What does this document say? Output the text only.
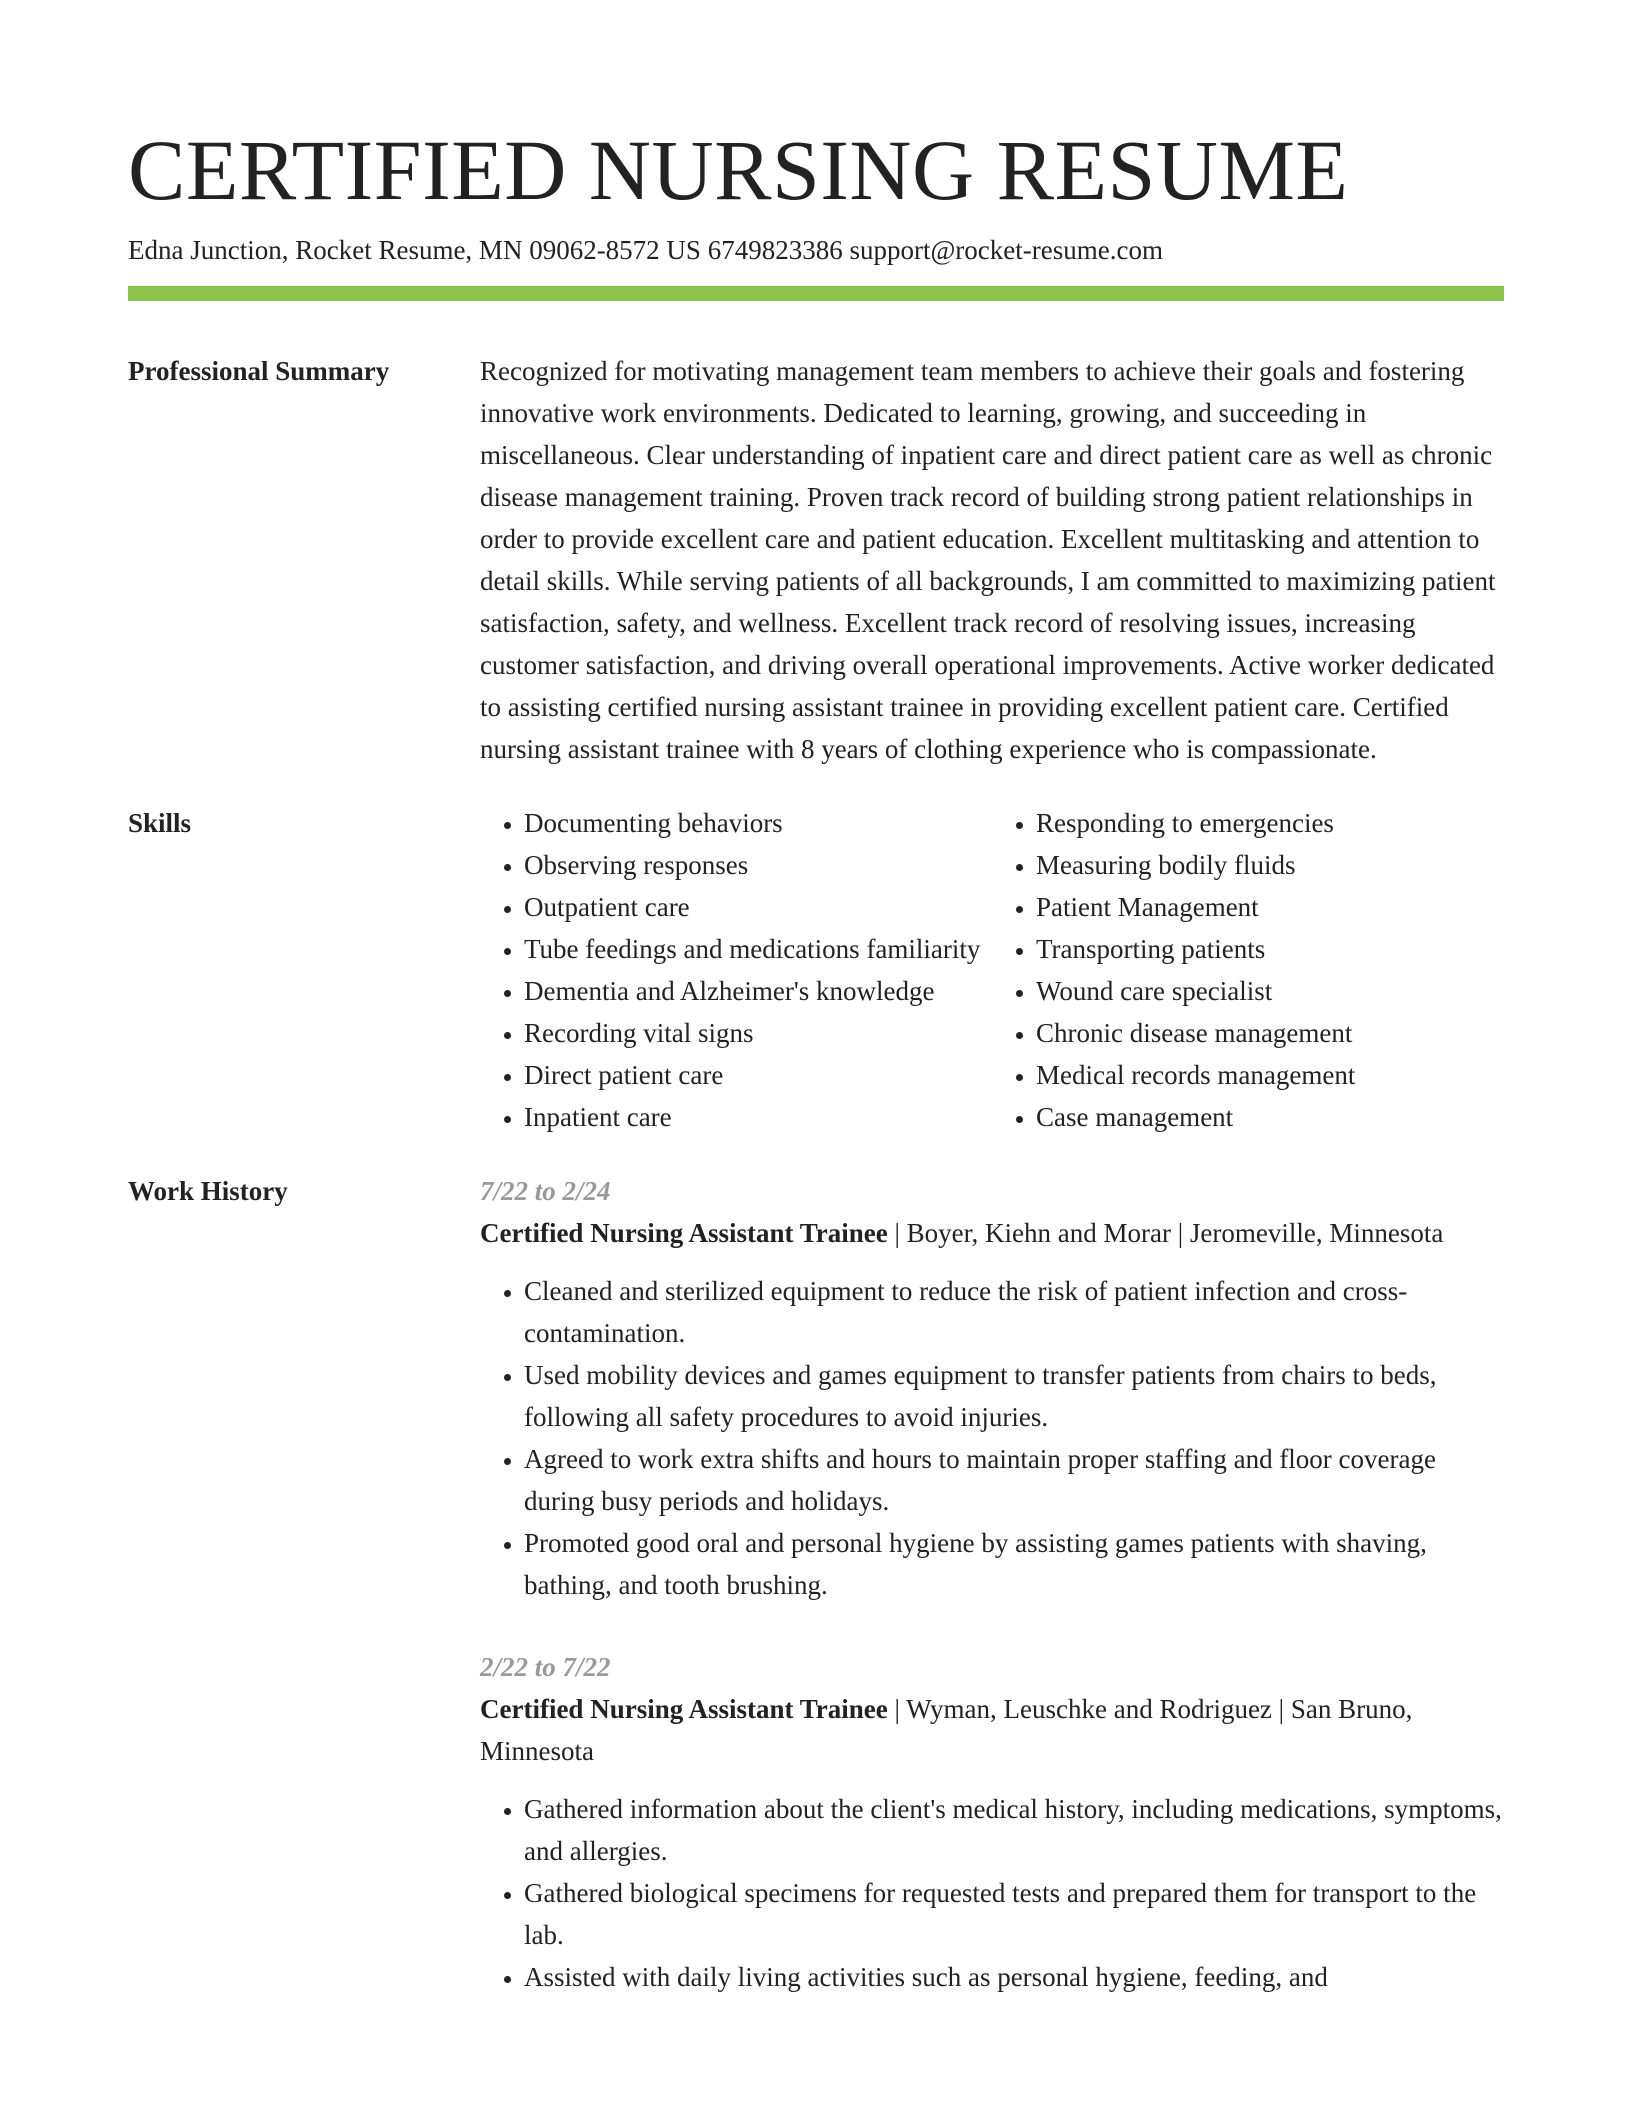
CERTIFIED NURSING RESUME
Edna Junction, Rocket Resume, MN 09062-8572 US 6749823386 support@rocket-resume.com
Professional Summary	Recognized for motivating management team members to achieve their goals and fostering innovative work environments. Dedicated to learning, growing, and succeeding in miscellaneous. Clear understanding of inpatient care and direct patient care as well as chronic disease management training. Proven track record of building strong patient relationships in order to provide excellent care and patient education. Excellent multitasking and attention to detail skills. While serving patients of all backgrounds, I am committed to maximizing patient satisfaction, safety, and wellness. Excellent track record of resolving issues, increasing customer satisfaction, and driving overall operational improvements. Active worker dedicated to assisting certified nursing assistant trainee in providing excellent patient care. Certified nursing assistant trainee with 8 years of clothing experience who is compassionate.

Skills
•	Documenting behaviors
• Observing responses
• Outpatient care
• Tube feedings and medications familiarity
• Dementia and Alzheimer's knowledge
• Recording vital signs
• Direct patient care
• Inpatient care
• Responding to emergencies
• Measuring bodily fluids
• Patient Management
• Transporting patients
• Wound care specialist
• Chronic disease management
• Medical records management
• Case management
Work History	7/22 to 2/24
Certified Nursing Assistant Trainee | Boyer, Kiehn and Morar | Jeromeville, Minnesota
• Cleaned and sterilized equipment to reduce the risk of patient infection and cross-contamination.
• Used mobility devices and games equipment to transfer patients from chairs to beds, following all safety procedures to avoid injuries.
• Agreed to work extra shifts and hours to maintain proper staffing and floor coverage during busy periods and holidays.
• Promoted good oral and personal hygiene by assisting games patients with shaving, bathing, and tooth brushing.
2/22 to 7/22
Certified Nursing Assistant Trainee | Wyman, Leuschke and Rodriguez | San Bruno, Minnesota
• Gathered information about the client's medical history, including medications, symptoms, and allergies.
• Gathered biological specimens for requested tests and prepared them for transport to the lab.
• Assisted with daily living activities such as personal hygiene, feeding, and
